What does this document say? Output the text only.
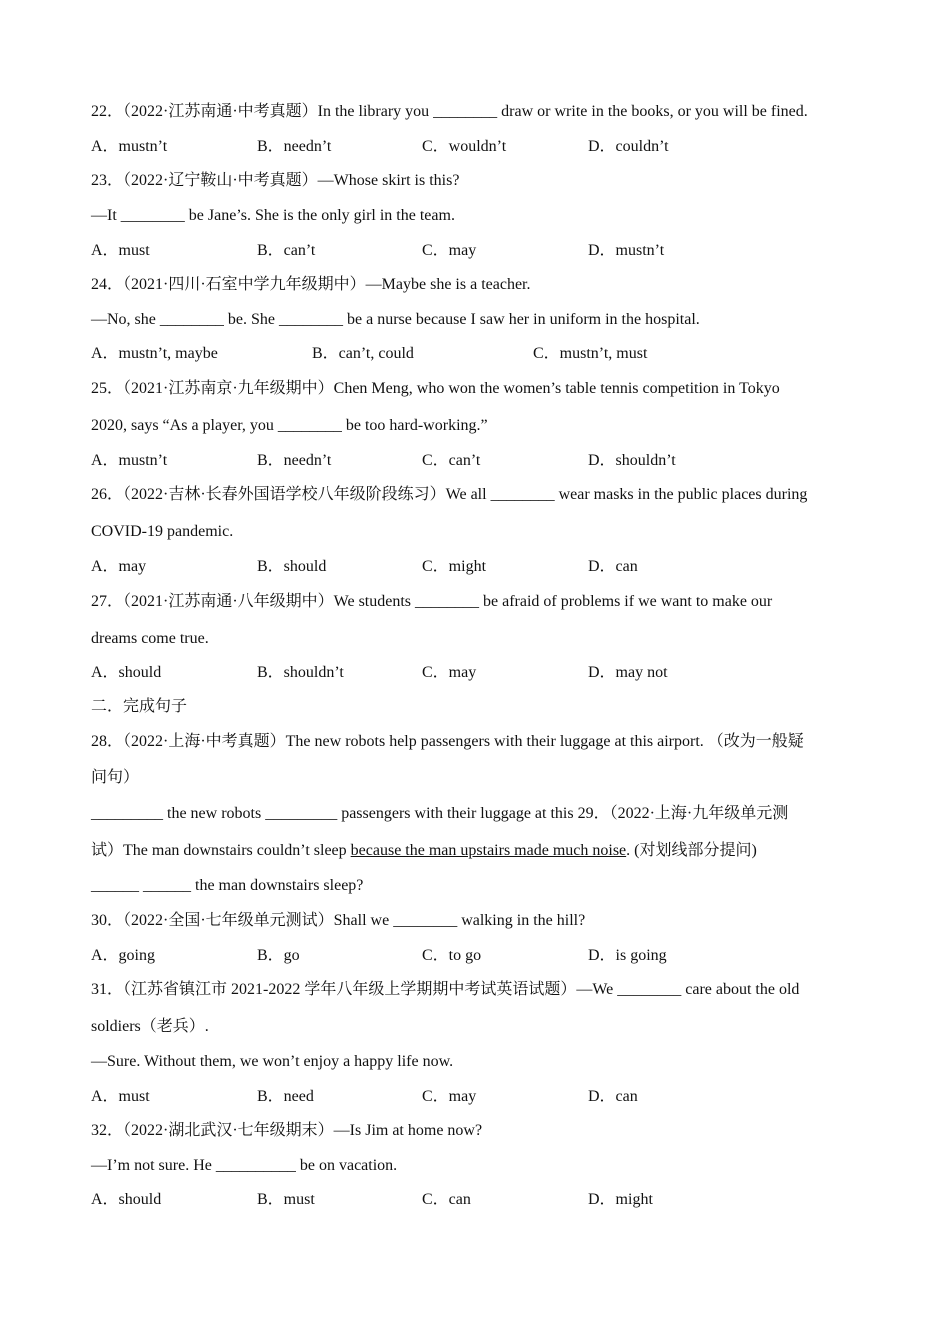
22．（2022·江苏南通·中考真题）In the library you ________ draw or write in the books, or you will be fined.
A．mustn’t	B．needn’t	C．wouldn’t	D．couldn’t
23．（2022·辽宁鞍山·中考真题）—Whose skirt is this?
—It ________ be Jane’s. She is the only girl in the team.
A．must	B．can’t	C．may	D．mustn’t
24．（2021·四川·石室中学九年级期中）—Maybe she is a teacher.
—No, she ________ be. She ________ be a nurse because I saw her in uniform in the hospital.
A．mustn’t, maybe	B．can’t, could	C．mustn’t, must
25．（2021·江苏南京·九年级期中）Chen Meng, who won the women’s table tennis competition in Tokyo
2020, says “As a player, you ________ be too hard-working.”
A．mustn’t	B．needn’t	C．can’t	D．shouldn’t
26．（2022·吉林·长春外国语学校八年级阶段练习）We all ________ wear masks in the public places during
COVID-19 pandemic.
A．may	B．should	C．might	D．can
27．（2021·江苏南通·八年级期中）We students ________ be afraid of problems if we want to make our
dreams come true.
A．should	B．shouldn’t	C．may	D．may not
二．完成句子
28．（2022·上海·中考真题）The new robots help passengers with their luggage at this airport. （改为一般疑
问句）
_________ the new robots _________ passengers with their luggage at this 29．（2022·上海·九年级单元测
试）The man downstairs couldn’t sleep because the man upstairs made much noise. (对划线部分提问)
______ ______ the man downstairs sleep?
30．（2022·全国·七年级单元测试）Shall we ________ walking in the hill?
A．going	B．go	C．to go	D．is going
31．（江苏省镇江市 2021-2022 学年八年级上学期期中考试英语试题）—We ________ care about the old
soldiers（老兵）.
—Sure. Without them, we won’t enjoy a happy life now.
A．must	B．need	C．may	D．can
32．（2022·湖北武汉·七年级期末）—Is Jim at home now?
—I’m not sure. He __________ be on vacation.
A．should	B．must	C．can	D．might
